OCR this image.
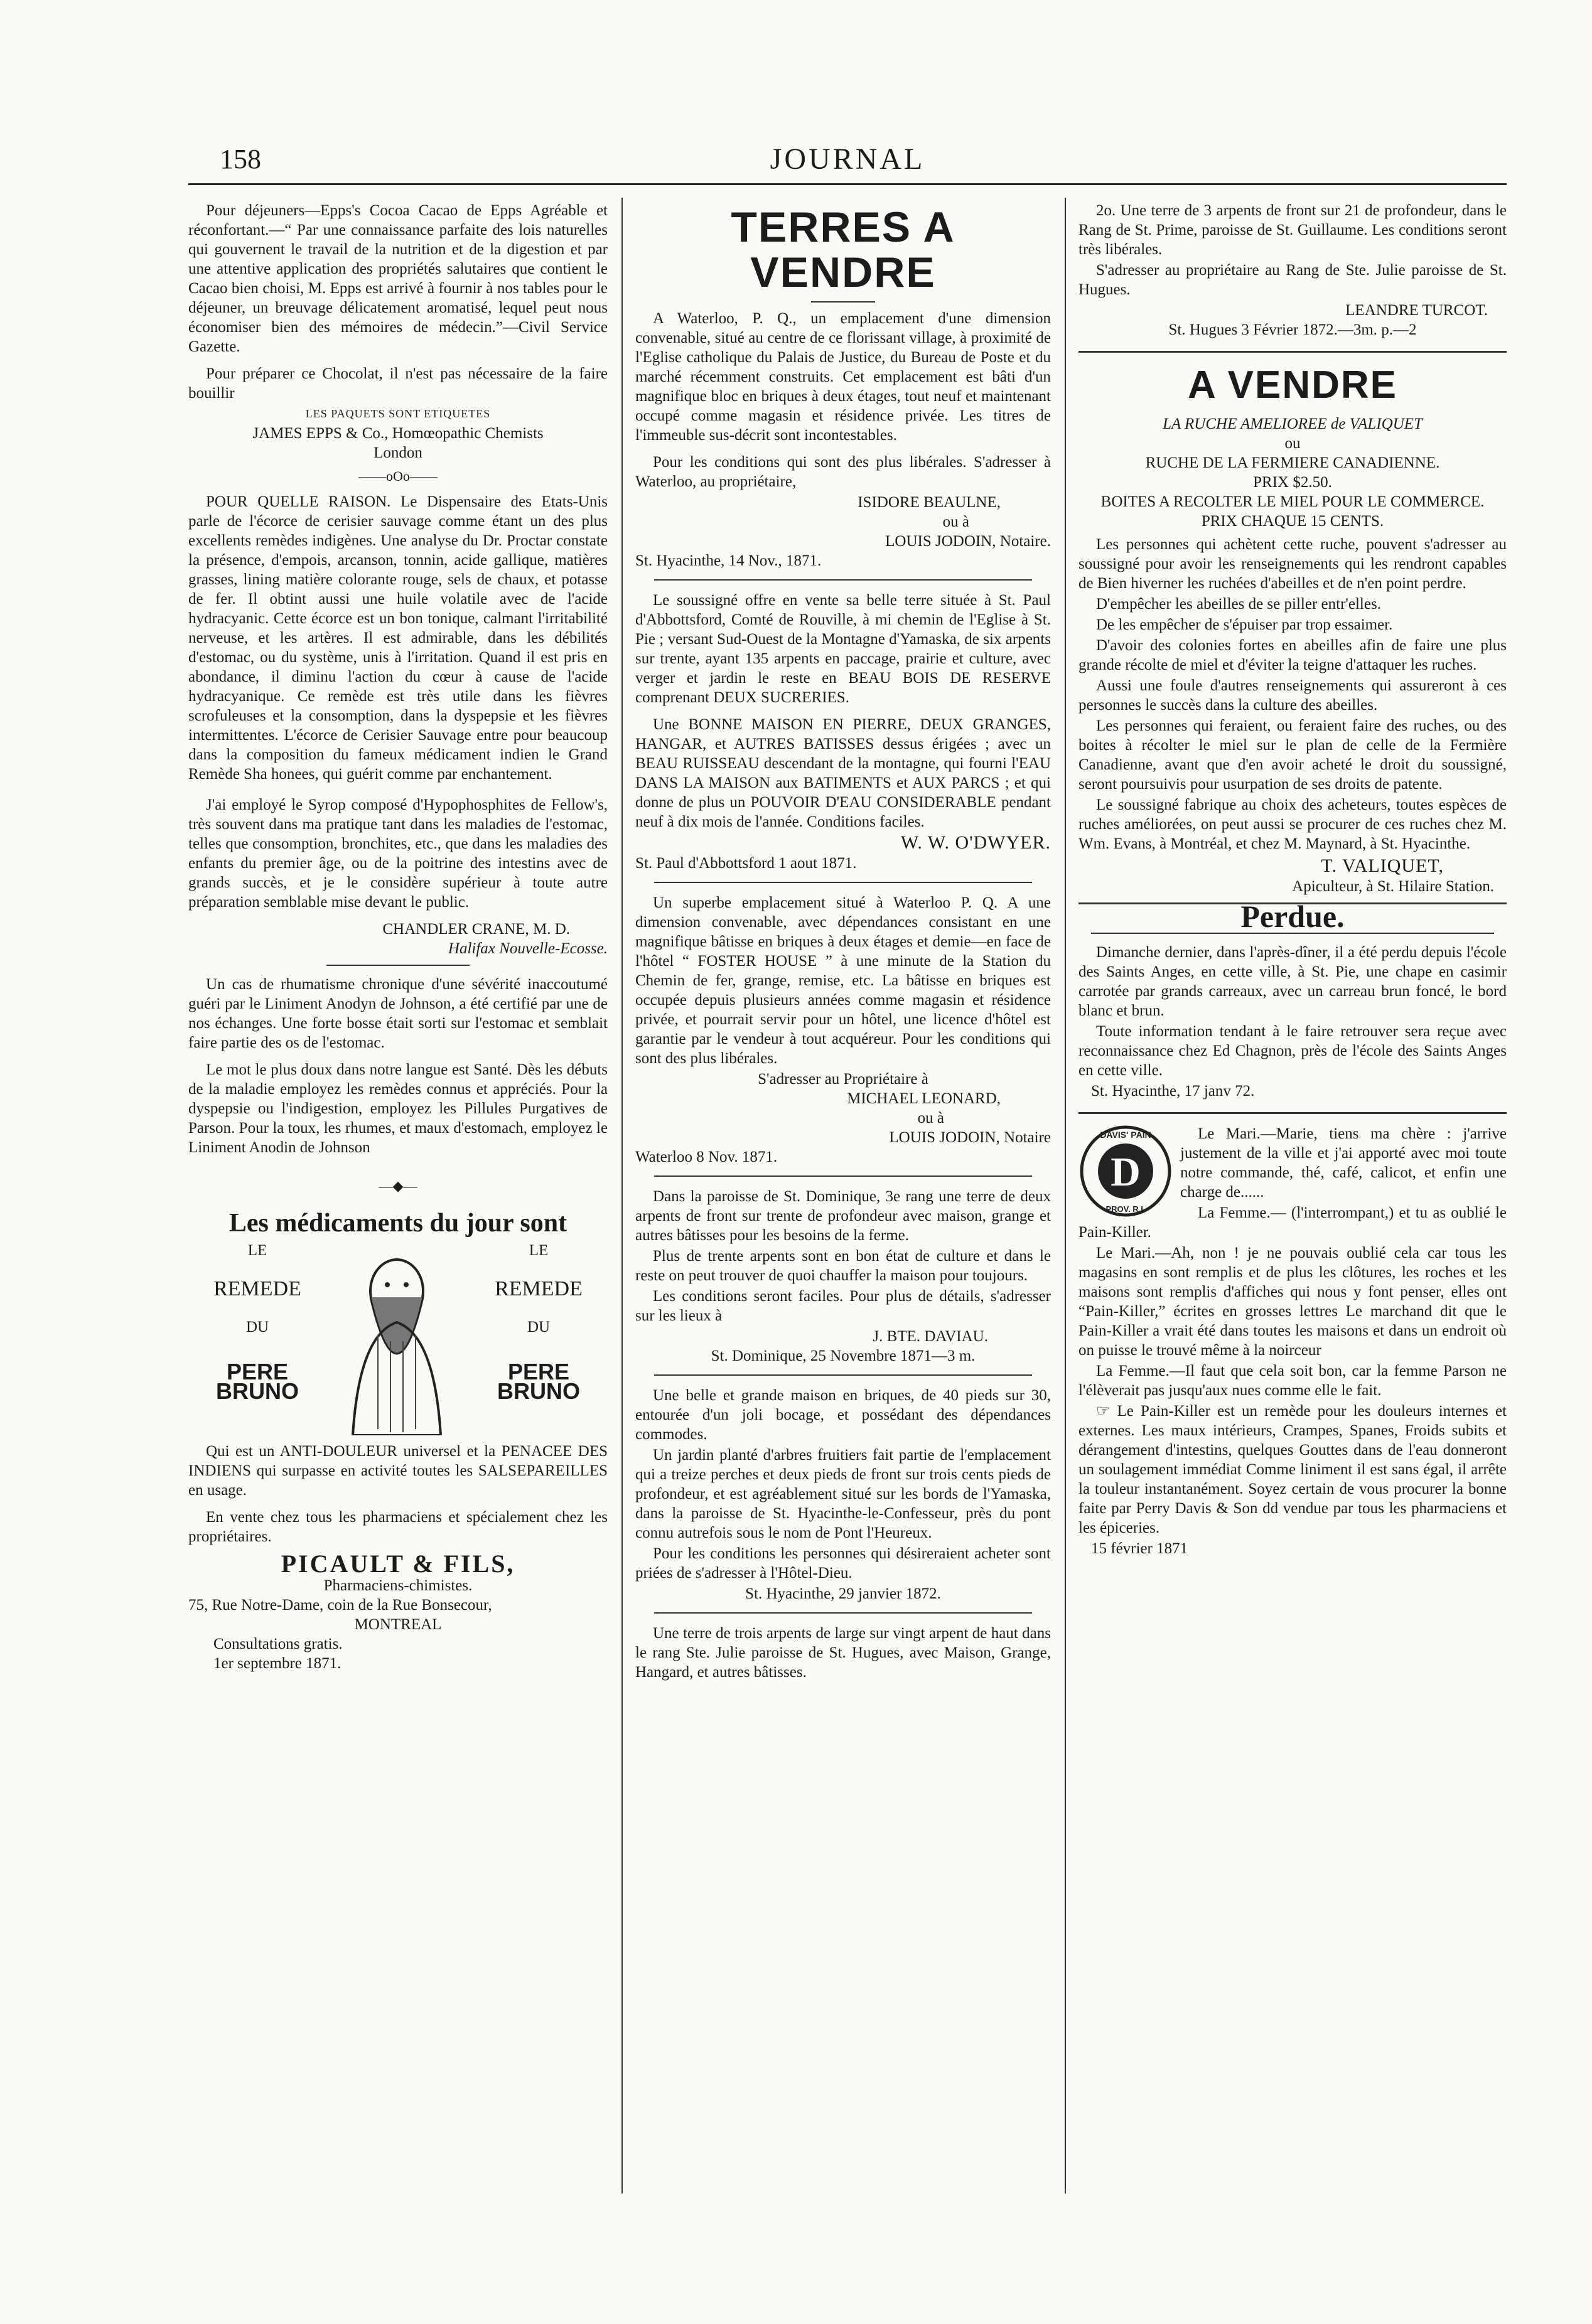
158	JOURNAL

Pour déjeuners—Epps's Cocoa Cacao de Epps Agréable et réconfortant.—“ Par une connaissance parfaite des lois naturelles qui gouvernent le travail de la nutrition et de la digestion et par une attentive application des propriétés salutaires que contient le Cacao bien choisi, M. Epps est arrivé à fournir à nos tables pour le déjeuner, un breuvage délicatement aromatisé, lequel peut nous économiser bien des mémoires de médecin.”—Civil Service Gazette.

Pour préparer ce Chocolat, il n'est pas nécessaire de la faire bouillir

LES PAQUETS SONT ETIQUETES
JAMES EPPS & Co., Homœopathic Chemists
London
——oOo——

POUR QUELLE RAISON. Le Dispensaire des Etats-Unis parle de l'écorce de cerisier sauvage comme étant un des plus excellents remèdes indigènes. Une analyse du Dr. Proctar constate la présence, d'empois, arcanson, tonnin, acide gallique, matières grasses, lining matière colorante rouge, sels de chaux, et potasse de fer. Il obtint aussi une huile volatile avec de l'acide hydracyanic. Cette écorce est un bon tonique, calmant l'irritabilité nerveuse, et les artères. Il est admirable, dans les débilités d'estomac, ou du système, unis à l'irritation. Quand il est pris en abondance, il diminu l'action du cœur à cause de l'acide hydracyanique. Ce remède est très utile dans les fièvres scrofuleuses et la consomption, dans la dyspepsie et les fièvres intermittentes. L'écorce de Cerisier Sauvage entre pour beaucoup dans la composition du fameux médicament indien le Grand Remède Sha honees, qui guérit comme par enchantement.

J'ai employé le Syrop composé d'Hypophosphites de Fellow's, très souvent dans ma pratique tant dans les maladies de l'estomac, telles que consomption, bronchites, etc., que dans les maladies des enfants du premier âge, ou de la poitrine des intestins avec de grands succès, et je le considère supérieur à toute autre préparation semblable mise devant le public.

CHANDLER CRANE, M. D.
Halifax Nouvelle-Ecosse.

Un cas de rhumatisme chronique d'une sévérité inaccoutumé guéri par le Liniment Anodyn de Johnson, a été certifié par une de nos échanges. Une forte bosse était sorti sur l'estomac et semblait faire partie des os de l'estomac.

Le mot le plus doux dans notre langue est Santé. Dès les débuts de la maladie employez les remèdes connus et appréciés. Pour la dyspepsie ou l'indigestion, employez les Pillules Purgatives de Parson. Pour la toux, les rhumes, et maux d'estomach, employez le Liniment Anodin de Johnson

—◆—
Les médicaments du jour sont
LE
REMEDE
DU
PERE BRUNO
LE
REMEDE
DU
PERE BRUNO

Qui est un ANTI-DOULEUR universel et la PENACEE DES INDIENS qui surpasse en activité toutes les SALSEPAREILLES en usage.

En vente chez tous les pharmaciens et spécialement chez les propriétaires.

PICAULT & FILS,
Pharmaciens-chimistes.
75, Rue Notre-Dame, coin de la Rue Bonsecour,
MONTREAL
Consultations gratis.
1er septembre 1871.
TERRES A VENDRE

A Waterloo, P. Q., un emplacement d'une dimension convenable, situé au centre de ce florissant village, à proximité de l'Eglise catholique du Palais de Justice, du Bureau de Poste et du marché récemment construits. Cet emplacement est bâti d'un magnifique bloc en briques à deux étages, tout neuf et maintenant occupé comme magasin et résidence privée. Les titres de l'immeuble sus-décrit sont incontestables.

Pour les conditions qui sont des plus libérales. S'adresser à Waterloo, au propriétaire,

ISIDORE BEAULNE,
ou à
LOUIS JODOIN, Notaire.
St. Hyacinthe, 14 Nov., 1871.

Le soussigné offre en vente sa belle terre située à St. Paul d'Abbottsford, Comté de Rouville, à mi chemin de l'Eglise à St. Pie ; versant Sud-Ouest de la Montagne d'Yamaska, de six arpents sur trente, ayant 135 arpents en paccage, prairie et culture, avec verger et jardin le reste en BEAU BOIS DE RESERVE comprenant DEUX SUCRERIES.

Une BONNE MAISON EN PIERRE, DEUX GRANGES, HANGAR, et AUTRES BATISSES dessus érigées ; avec un BEAU RUISSEAU descendant de la montagne, qui fourni l'EAU DANS LA MAISON aux BATIMENTS et AUX PARCS ; et qui donne de plus un POUVOIR D'EAU CONSIDERABLE pendant neuf à dix mois de l'année. Conditions faciles.

W. W. O'DWYER.
St. Paul d'Abbottsford 1 aout 1871.

Un superbe emplacement situé à Waterloo P. Q. A une dimension convenable, avec dépendances consistant en une magnifique bâtisse en briques à deux étages et demie—en face de l'hôtel “ FOSTER HOUSE ” à une minute de la Station du Chemin de fer, grange, remise, etc. La bâtisse en briques est occupée depuis plusieurs années comme magasin et résidence privée, et pourrait servir pour un hôtel, une licence d'hôtel est garantie par le vendeur à tout acquéreur. Pour les conditions qui sont des plus libérales.

S'adresser au Propriétaire à
MICHAEL LEONARD,
ou à
LOUIS JODOIN, Notaire
Waterloo 8 Nov. 1871.

Dans la paroisse de St. Dominique, 3e rang une terre de deux arpents de front sur trente de profondeur avec maison, grange et autres bâtisses pour les besoins de la ferme.

Plus de trente arpents sont en bon état de culture et dans le reste on peut trouver de quoi chauffer la maison pour toujours.

Les conditions seront faciles. Pour plus de détails, s'adresser sur les lieux à

J. BTE. DAVIAU.
St. Dominique, 25 Novembre 1871—3 m.

Une belle et grande maison en briques, de 40 pieds sur 30, entourée d'un joli bocage, et possédant des dépendances commodes.

Un jardin planté d'arbres fruitiers fait partie de l'emplacement qui a treize perches et deux pieds de front sur trois cents pieds de profondeur, et est agréablement situé sur les bords de l'Yamaska, dans la paroisse de St. Hyacinthe-le-Confesseur, près du pont connu autrefois sous le nom de Pont l'Heureux.

Pour les conditions les personnes qui désireraient acheter sont priées de s'adresser à l'Hôtel-Dieu.

St. Hyacinthe, 29 janvier 1872.

Une terre de trois arpents de large sur vingt arpent de haut dans le rang Ste. Julie paroisse de St. Hugues, avec Maison, Grange, Hangard, et autres bâtisses.

2o. Une terre de 3 arpents de front sur 21 de profondeur, dans le Rang de St. Prime, paroisse de St. Guillaume. Les conditions seront très libérales.

S'adresser au propriétaire au Rang de Ste. Julie paroisse de St. Hugues.

LEANDRE TURCOT.
St. Hugues 3 Février 1872.—3m. p.—2
A VENDRE
LA RUCHE AMELIOREE de VALIQUET
ou
RUCHE DE LA FERMIERE CANADIENNE.
PRIX $2.50.
BOITES A RECOLTER LE MIEL POUR LE COMMERCE.
PRIX CHAQUE 15 CENTS.

Les personnes qui achètent cette ruche, pouvent s'adresser au soussigné pour avoir les renseignements qui les rendront capables de Bien hiverner les ruchées d'abeilles et de n'en point perdre.

D'empêcher les abeilles de se piller entr'elles.

De les empêcher de s'épuiser par trop essaimer.

D'avoir des colonies fortes en abeilles afin de faire une plus grande récolte de miel et d'éviter la teigne d'attaquer les ruches.

Aussi une foule d'autres renseignements qui assureront à ces personnes le succès dans la culture des abeilles.

Les personnes qui feraient, ou feraient faire des ruches, ou des boites à récolter le miel sur le plan de celle de la Fermière Canadienne, avant que d'en avoir acheté le droit du soussigné, seront poursuivis pour usurpation de ses droits de patente.

Le soussigné fabrique au choix des acheteurs, toutes espèces de ruches améliorées, on peut aussi se procurer de ces ruches chez M. Wm. Evans, à Montréal, et chez M. Maynard, à St. Hyacinthe.

T. VALIQUET,
Apiculteur, à St. Hilaire Station.
Perdue.

Dimanche dernier, dans l'après-dîner, il a été perdu depuis l'école des Saints Anges, en cette ville, à St. Pie, une chape en casimir carrotée par grands carreaux, avec un carreau brun foncé, le bord blanc et brun.

Toute information tendant à le faire retrouver sera reçue avec reconnaissance chez Ed Chagnon, près de l'école des Saints Anges en cette ville.

St. Hyacinthe, 17 janv 72.
D
DAVIS' PAIN
PROV. R.I.

Le Mari.—Marie, tiens ma chère : j'arrive justement de la ville et j'ai apporté avec moi toute notre commande, thé, café, calicot, et enfin une charge de......

La Femme.— (l'interrompant,) et tu as oublié le Pain-Killer.

Le Mari.—Ah, non ! je ne pouvais oublié cela car tous les magasins en sont remplis et de plus les clôtures, les roches et les maisons sont remplis d'affiches qui nous y font penser, elles ont “Pain-Killer,” écrites en grosses lettres Le marchand dit que le Pain-Killer a vrait été dans toutes les maisons et dans un endroit où on puisse le trouvé même à la noirceur

La Femme.—Il faut que cela soit bon, car la femme Parson ne l'élèverait pas jusqu'aux nues comme elle le fait.

☞ Le Pain-Killer est un remède pour les douleurs internes et externes. Les maux intérieurs, Crampes, Spanes, Froids subits et dérangement d'intestins, quelques Gouttes dans de l'eau donneront un soulagement immédiat Comme liniment il est sans égal, il arrête la touleur instantanément. Soyez certain de vous procurer la bonne faite par Perry Davis & Son dd vendue par tous les pharmaciens et les épiceries.

15 février 1871
